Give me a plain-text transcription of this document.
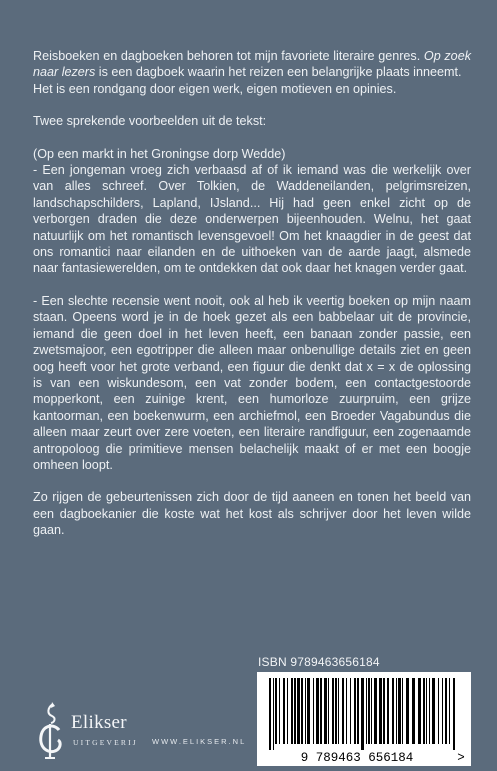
Reisboeken en dagboeken behoren tot mijn favoriete literaire genres. Op zoek naar lezers is een dagboek waarin het reizen een belangrijke plaats inneemt.

Het is een rondgang door eigen werk, eigen motieven en opinies.

Twee sprekende voorbeelden uit de tekst:

(Op een markt in het Groningse dorp Wedde)

- Een jongeman vroeg zich verbaasd af of ik iemand was die werkelijk over van alles schreef. Over Tolkien, de Waddeneilanden, pelgrimsreizen, landschapschilders, Lapland, IJsland... Hij had geen enkel zicht op de verborgen draden die deze onderwerpen bijeenhouden. Welnu, het gaat natuurlijk om het romantisch levensgevoel! Om het knaagdier in de geest dat ons romantici naar eilanden en de uithoeken van de aarde jaagt, alsmede naar fantasiewerelden, om te ontdekken dat ook daar het knagen verder gaat.

- Een slechte recensie went nooit, ook al heb ik veertig boeken op mijn naam staan. Opeens word je in de hoek gezet als een babbelaar uit de provincie, iemand die geen doel in het leven heeft, een banaan zonder passie, een zwetsmajoor, een egotripper die alleen maar onbenullige details ziet en geen oog heeft voor het grote verband, een figuur die denkt dat x = x de oplossing is van een wiskundesom, een vat zonder bodem, een contactgestoorde mopperkont, een zuinige krent, een humorloze zuurpruim, een grijze kantoorman, een boekenwurm, een archiefmol, een Broeder Vagabundus die alleen maar zeurt over zere voeten, een literaire randfiguur, een zogenaamde antropoloog die primitieve mensen belachelijk maakt of er met een boogje omheen loopt.

Zo rijgen de gebeurtenissen zich door de tijd aaneen en tonen het beeld van een dagboekanier die koste wat het kost als schrijver door het leven wilde gaan.

ISBN 9789463656184
9 789463 656184	>
Elikser
UITGEVERIJ WWW.ELIKSER.NL
